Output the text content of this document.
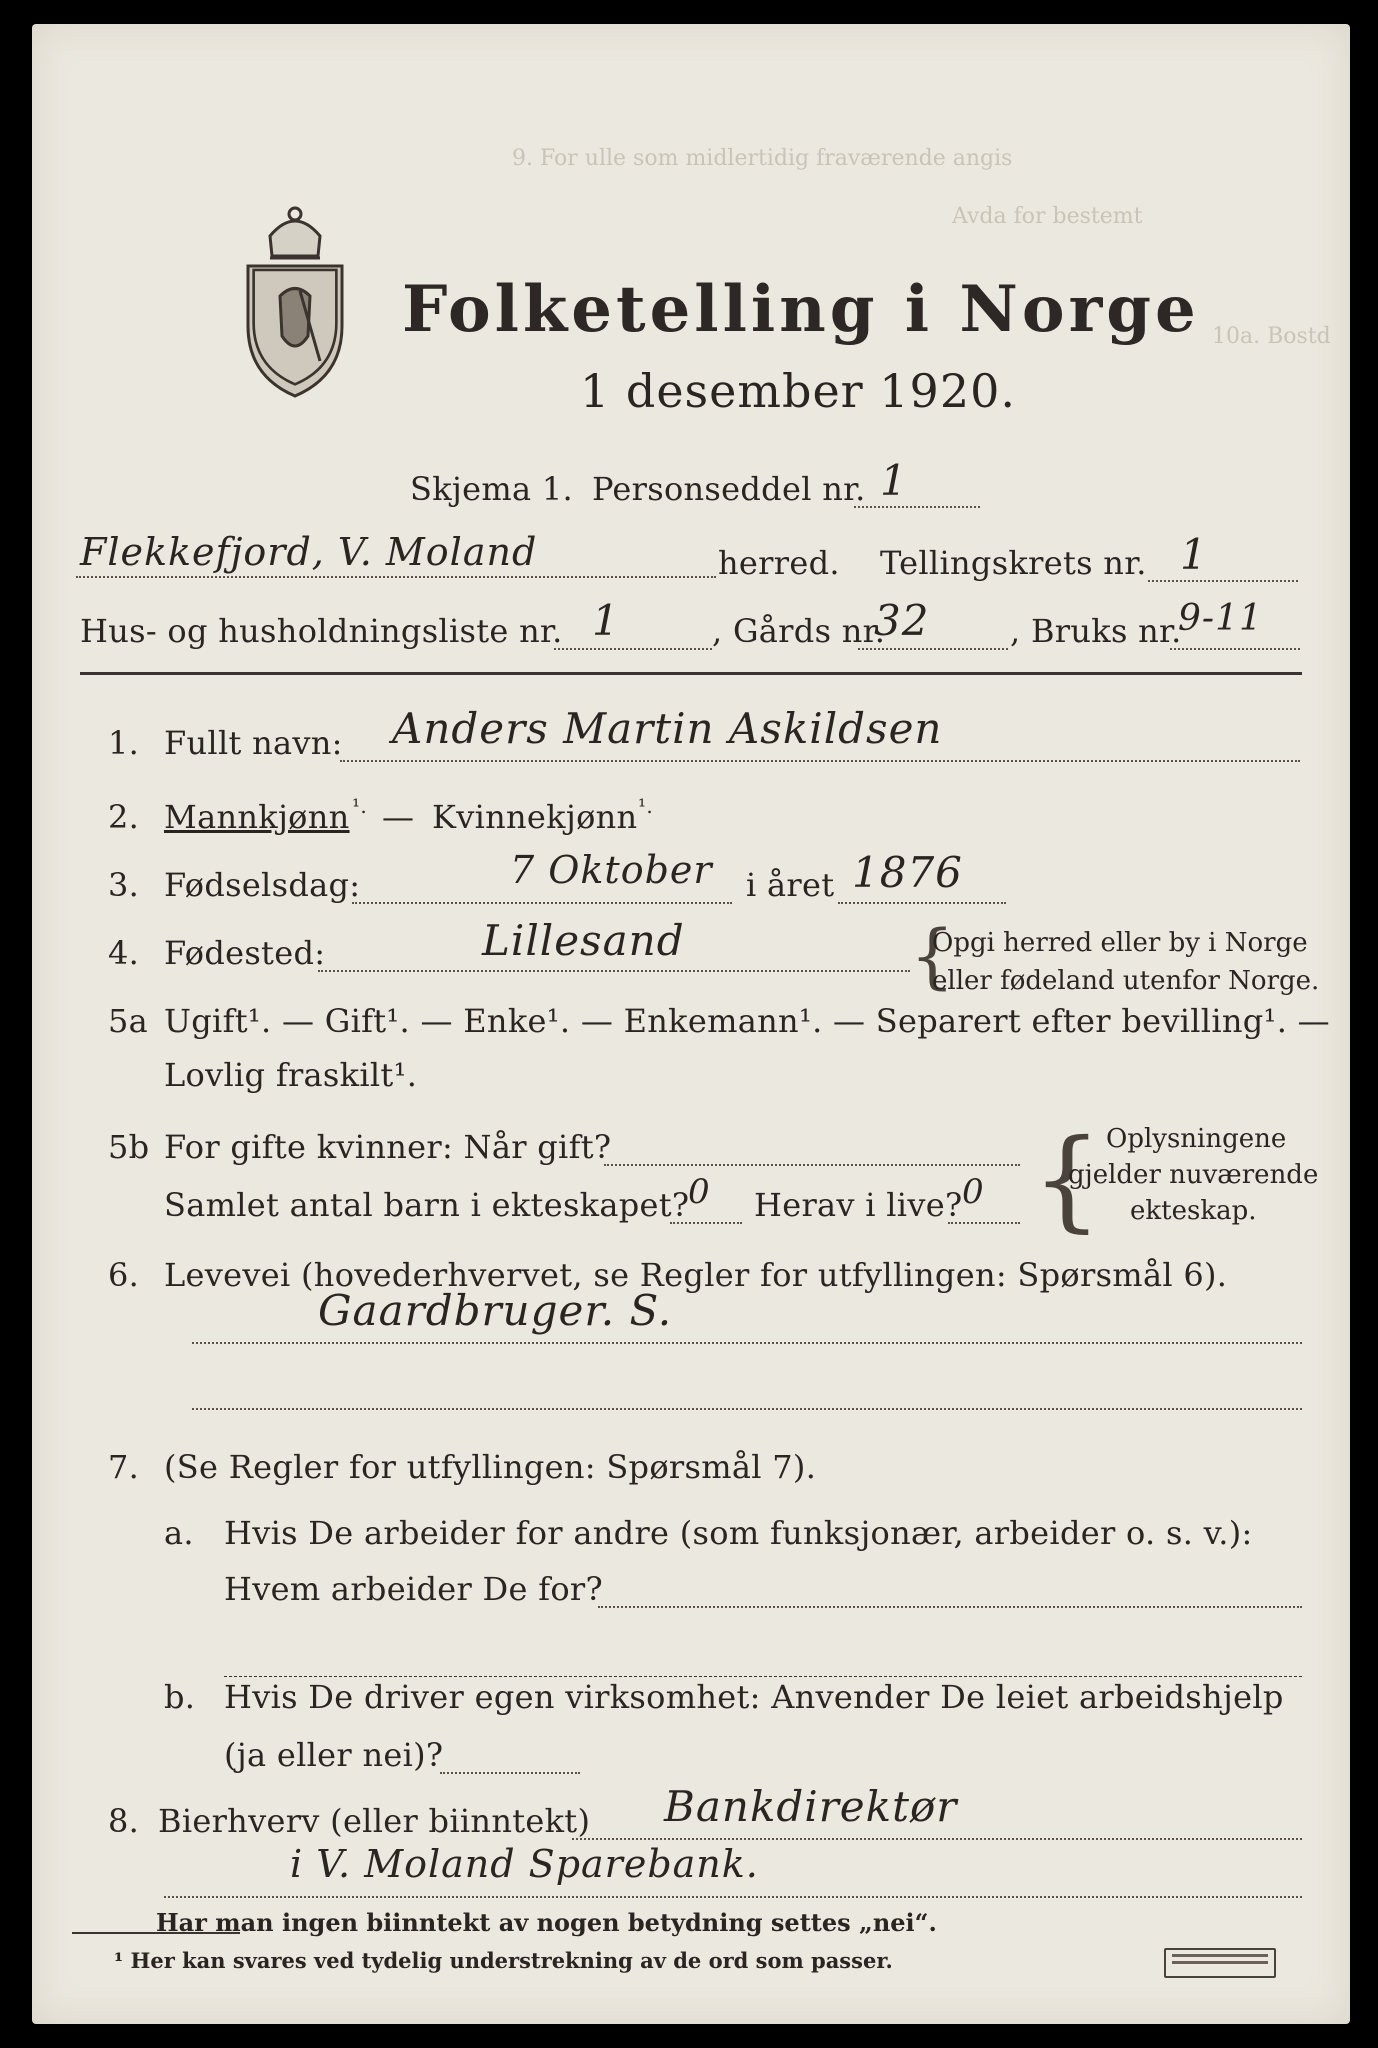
9. For ulle som midlertidig fraværende angis
Avda for bestemt
10a. Bostd
Folketelling i Norge
1 desember 1920.
Skjema 1. Personseddel nr. 1
Flekkefjord, V. Moland	herred. Tellingskrets nr. 1
Hus- og husholdningsliste nr. 1	, Gårds nr.
32	, Bruks nr.
9-11
1. Fullt navn: Anders Martin Askildsen
2. Mannkjønn ¹. — Kvinnekjønn ¹.
3. Fødselsdag:	7 Oktober i året 1876
4. Fødested:	Lillesand	{
Opgi herred eller by i Norge
eller fødeland utenfor Norge.
5a Ugift¹. — Gift¹. — Enke¹. — Enkemann¹. — Separert efter bevilling¹. —
Lovlig fraskilt¹.
5b For gifte kvinner: Når gift?
Samlet antal barn i ekteskapet?
0 Herav i live? 0 { Oplysningene
gjelder nuværende
ekteskap.
6. Levevei (hovederhvervet, se Regler for utfyllingen: Spørsmål 6).
Gaardbruger. S.
7. (Se Regler for utfyllingen: Spørsmål 7).
a. Hvis De arbeider for andre (som funksjonær, arbeider o. s. v.):
Hvem arbeider De for?
b. Hvis De driver egen virksomhet: Anvender De leiet arbeidshjelp
(ja eller nei)?
8. Bierhverv (eller biinntekt) Bankdirektør
i V. Moland Sparebank.
Har man ingen biinntekt av nogen betydning settes „nei“.
¹ Her kan svares ved tydelig understrekning av de ord som passer.
